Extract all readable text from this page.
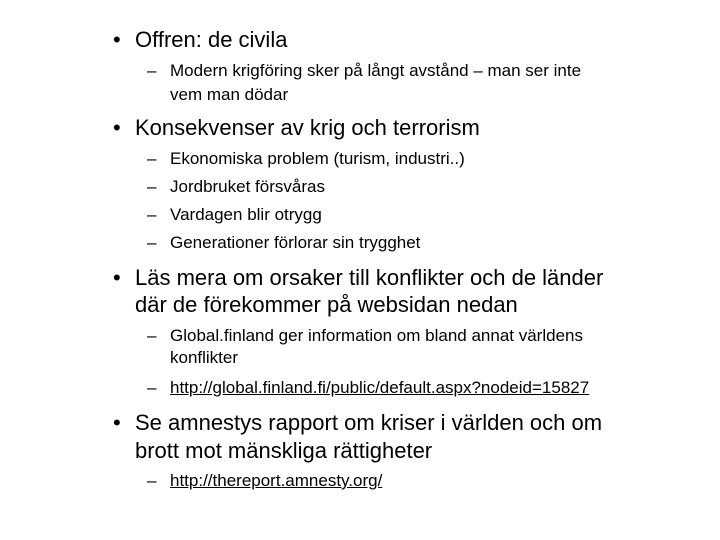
• Offren: de civila

– Modern krigföring sker på långt avstånd – man ser inte

vem man dödar

• Konsekvenser av krig och terrorism

– Ekonomiska problem (turism, industri..)

– Jordbruket försvåras

– Vardagen blir otrygg

– Generationer förlorar sin trygghet

• Läs mera om orsaker till konflikter och de länder

där de förekommer på websidan nedan

– Global.finland ger information om bland annat världens

konflikter

– http://global.finland.fi/public/default.aspx?nodeid=15827

• Se amnestys rapport om kriser i världen och om

brott mot mänskliga rättigheter

– http://thereport.amnesty.org/
